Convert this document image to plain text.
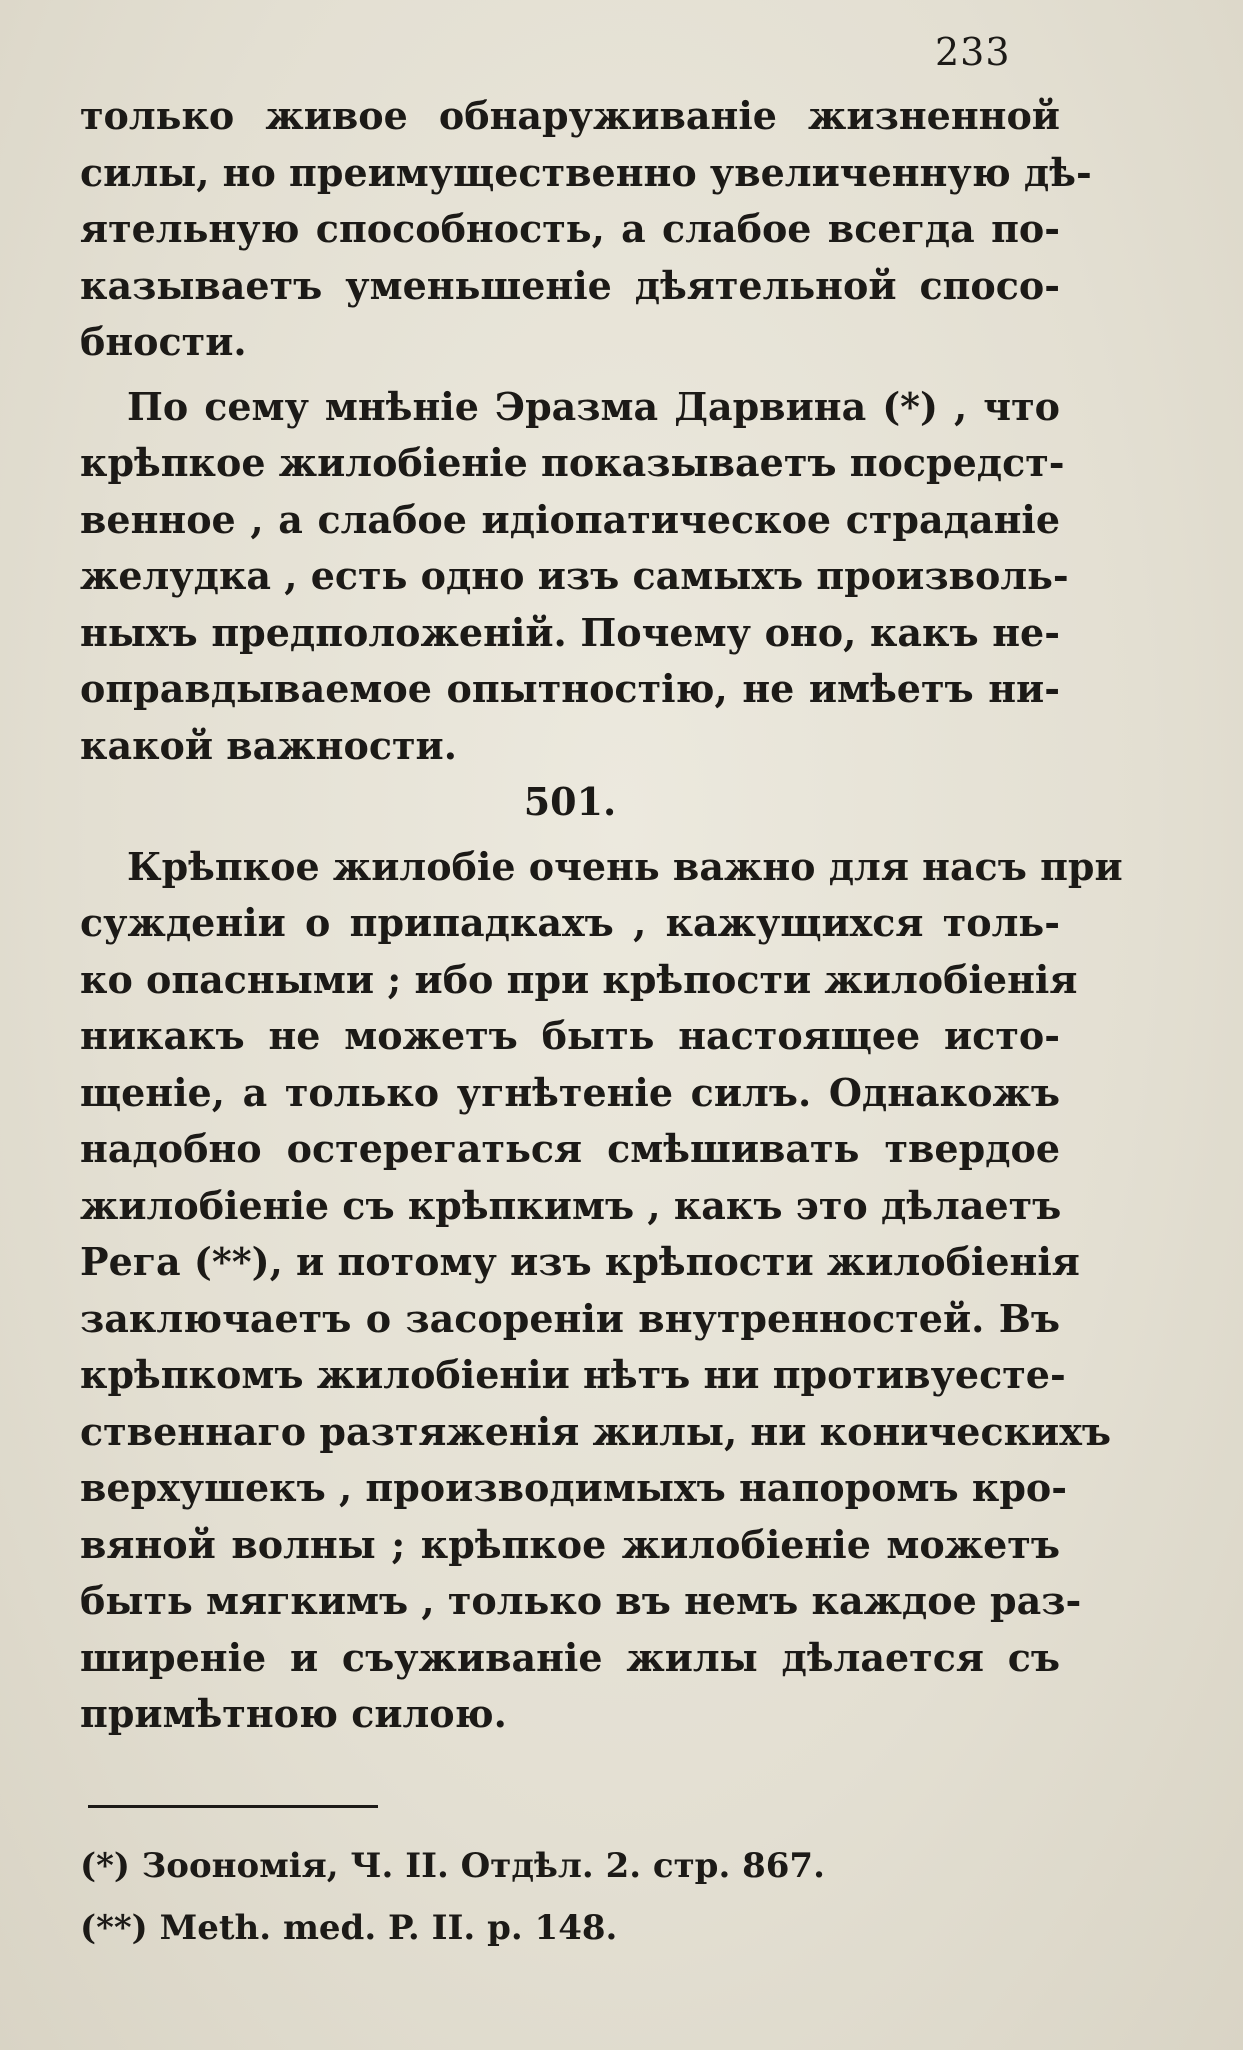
233
только живое обнаруживаніе жизненной
силы, но преимущественно увеличенную дѣ-
ятельную способность, а слабое всегда по-
казываетъ уменьшеніе дѣятельной спосо-
бности.
По сему мнѣніе Эразма Дарвина (*) , что
крѣпкое жилобіеніе показываетъ посредст-
венное , а слабое идіопатическое страданіе
желудка , есть одно изъ самыхъ произволь-
ныхъ предположеній. Почему оно, какъ не-
оправдываемое опытностію, не имѣетъ ни-
какой важности.
501.
Крѣпкое жилобіе очень важно для насъ при
сужденіи о припадкахъ , кажущихся толь-
ко опасными ; ибо при крѣпости жилобіенія
никакъ не можетъ быть настоящее исто-
щеніе, а только угнѣтеніе силъ. Однакожъ
надобно остерегаться смѣшивать твердое
жилобіеніе съ крѣпкимъ , какъ это дѣлаетъ
Рега (**), и потому изъ крѣпости жилобіенія
заключаетъ о засореніи внутренностей. Въ
крѣпкомъ жилобіеніи нѣтъ ни противуесте-
ственнаго разтяженія жилы, ни коническихъ
верхушекъ , производимыхъ напоромъ кро-
вяной волны ; крѣпкое жилобіеніе можетъ
быть мягкимъ , только въ немъ каждое раз-
ширеніе и съуживаніе жилы дѣлается съ
примѣтною силою.
(*) Зоономія, Ч. II. Отдѣл. 2. стр. 867.
(**) Meth. med. P. II. p. 148.
